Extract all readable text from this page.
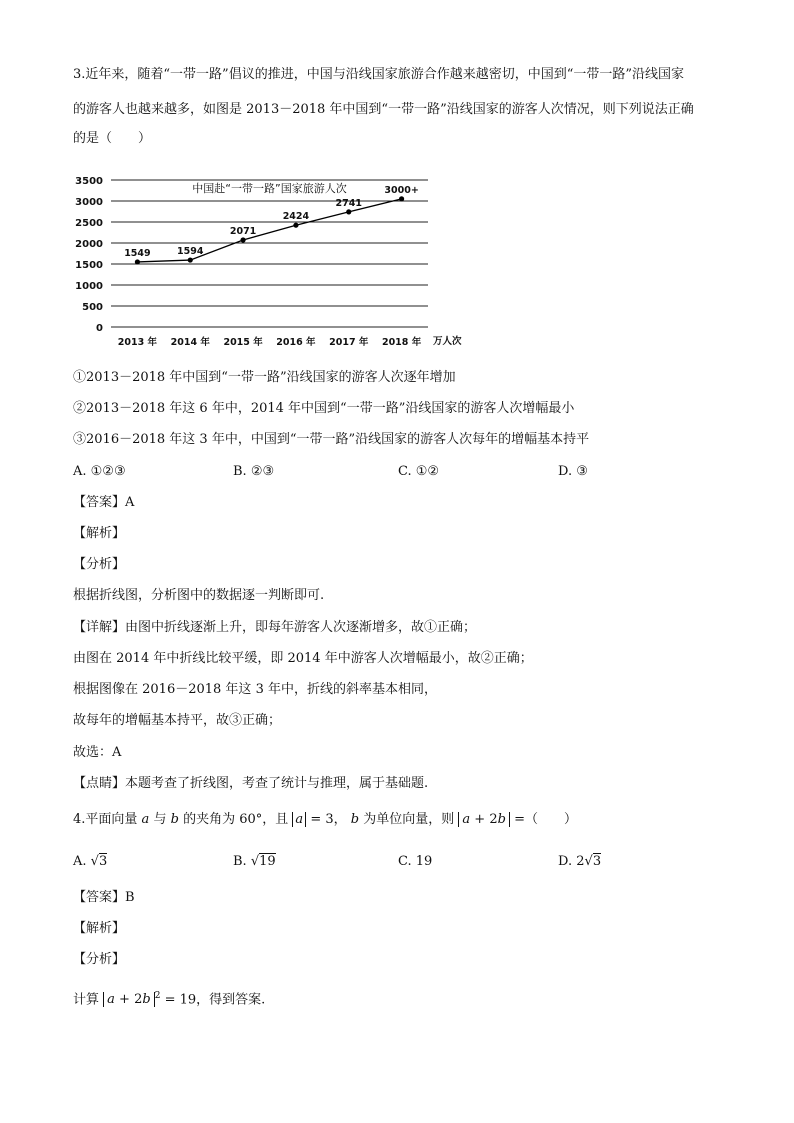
3.近年来，随着“一带一路”倡议的推进，中国与沿线国家旅游合作越来越密切，中国到“一带一路”沿线国家
的游客人也越来越多，如图是 2013－2018 年中国到“一带一路”沿线国家的游客人次情况，则下列说法正确
的是（　　）
0
500
1000
1500
2000
2500
3000
3500
中国赴“一带一路”国家旅游人次
1549	1594
2071
2424
2741
3000+
2013 年 2014 年 2015 年 2016 年 2017 年 2018 年 万人次
①2013－2018 年中国到“一带一路”沿线国家的游客人次逐年增加
②2013－2018 年这 6 年中，2014 年中国到“一带一路”沿线国家的游客人次增幅最小
③2016－2018 年这 3 年中，中国到“一带一路”沿线国家的游客人次每年的增幅基本持平
A. ①②③	B. ②③	C. ①②	D. ③
【答案】A
【解析】
【分析】
根据折线图，分析图中的数据逐一判断即可.
【详解】由图中折线逐渐上升，即每年游客人次逐渐增多，故①正确；
由图在 2014 年中折线比较平缓，即 2014 年中游客人次增幅最小，故②正确；
根据图像在 2016－2018 年这 3 年中，折线的斜率基本相同，
故每年的增幅基本持平，故③正确；
故选：A
【点睛】本题考查了折线图，考查了统计与推理，属于基础题.
4.平面向量 a 与 b 的夹角为 60°，且 a = 3， b 为单位向量，则 a + 2b =（　　）
A. √3	B. √19	C. 19	D. 2√3
【答案】B
【解析】
【分析】
计算 a + 2b $^2$ = 19，得到答案.
